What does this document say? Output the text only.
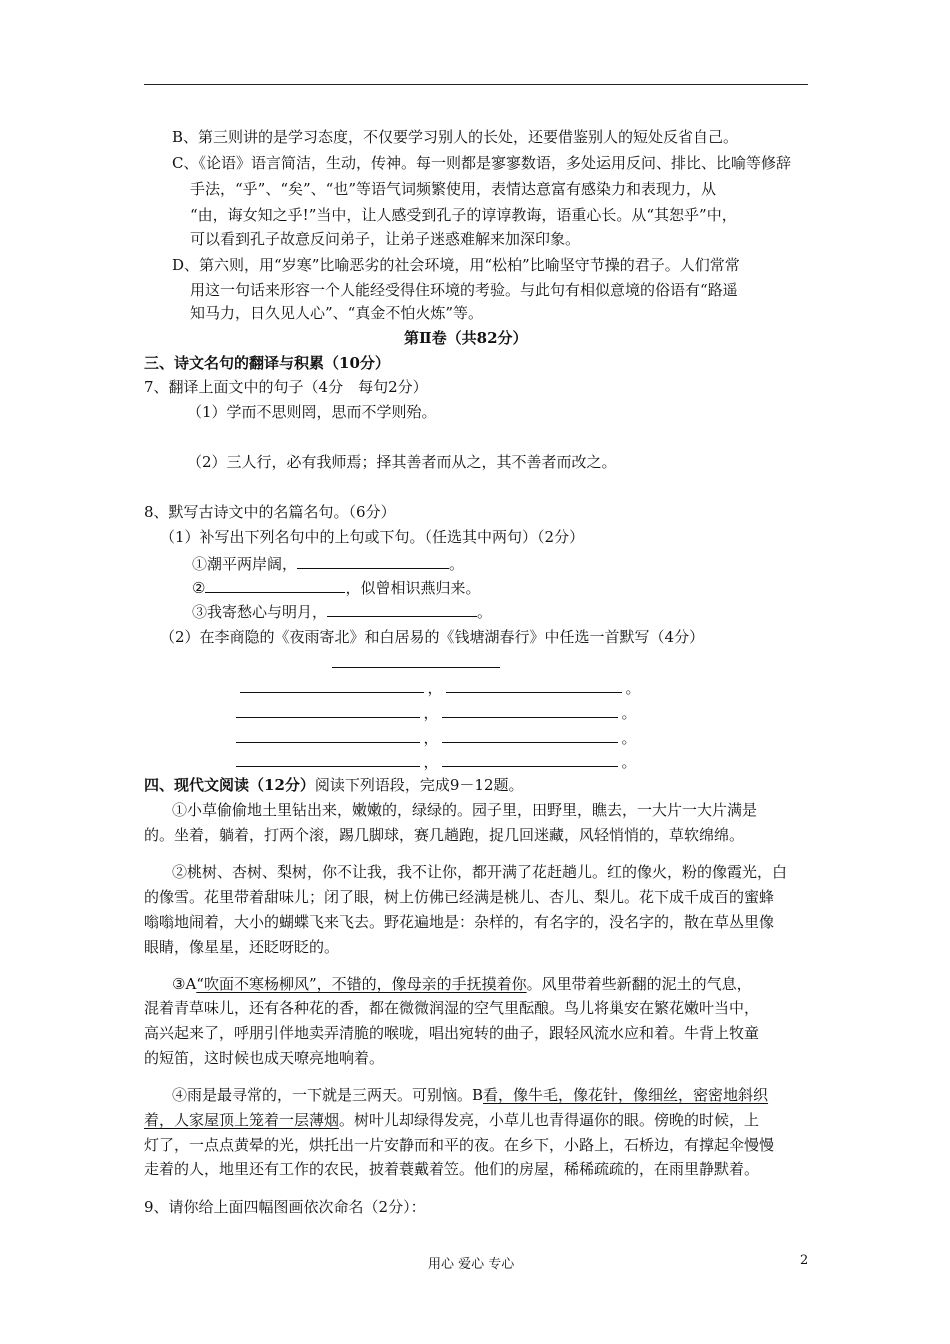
B、第三则讲的是学习态度，不仅要学习别人的长处，还要借鉴别人的短处反省自己。
C、《论语》语言简洁，生动，传神。每一则都是寥寥数语，多处运用反问、排比、比喻等修辞
手法，“乎”、“矣”、“也”等语气词频繁使用，表情达意富有感染力和表现力，从
“由，诲女知之乎!”当中，让人感受到孔子的谆谆教诲，语重心长。从“其恕乎”中，
可以看到孔子故意反问弟子，让弟子迷惑难解来加深印象。
D、第六则，用“岁寒”比喻恶劣的社会环境，用“松柏”比喻坚守节操的君子。人们常常
用这一句话来形容一个人能经受得住环境的考验。与此句有相似意境的俗语有“路遥
知马力，日久见人心”、“真金不怕火炼”等。
第Ⅱ卷（共82分）
三、诗文名句的翻译与积累（10分）
7、翻译上面文中的句子（4分　每句2分）
（1）学而不思则罔，思而不学则殆。
（2）三人行，必有我师焉；择其善者而从之，其不善者而改之。
8、默写古诗文中的名篇名句。（6分）
（1）补写出下列名句中的上句或下句。（任选其中两句）（2分）
①潮平两岸阔，	。
②	，似曾相识燕归来。
③我寄愁心与明月，	。
（2）在李商隐的《夜雨寄北》和白居易的《钱塘湖春行》中任选一首默写（4分）
，	。
，	。
，	。
，	。
四、现代文阅读（12分）阅读下列语段，完成9－12题。
①小草偷偷地土里钻出来，嫩嫩的，绿绿的。园子里，田野里，瞧去，一大片一大片满是
的。坐着，躺着，打两个滚，踢几脚球，赛几趟跑，捉几回迷藏，风轻悄悄的，草软绵绵。
②桃树、杏树、梨树，你不让我，我不让你，都开满了花赶趟儿。红的像火，粉的像霞光，白
的像雪。花里带着甜味儿；闭了眼，树上仿佛已经满是桃儿、杏儿、梨儿。花下成千成百的蜜蜂
嗡嗡地闹着，大小的蝴蝶飞来飞去。野花遍地是：杂样的，有名字的，没名字的，散在草丛里像
眼睛，像星星，还眨呀眨的。
③A“吹面不寒杨柳风”，不错的，像母亲的手抚摸着你。风里带着些新翻的泥土的气息，
混着青草味儿，还有各种花的香，都在微微润湿的空气里酝酿。鸟儿将巢安在繁花嫩叶当中，
高兴起来了，呼朋引伴地卖弄清脆的喉咙，唱出宛转的曲子，跟轻风流水应和着。牛背上牧童
的短笛，这时候也成天嘹亮地响着。
④雨是最寻常的，一下就是三两天。可别恼。B看，像牛毛，像花针，像细丝，密密地斜织
着，人家屋顶上笼着一层薄烟。树叶儿却绿得发亮，小草儿也青得逼你的眼。傍晚的时候，上
灯了，一点点黄晕的光，烘托出一片安静而和平的夜。在乡下，小路上，石桥边，有撑起伞慢慢
走着的人，地里还有工作的农民，披着蓑戴着笠。他们的房屋，稀稀疏疏的，在雨里静默着。
9、请你给上面四幅图画依次命名（2分）：
用心 爱心 专心	2
